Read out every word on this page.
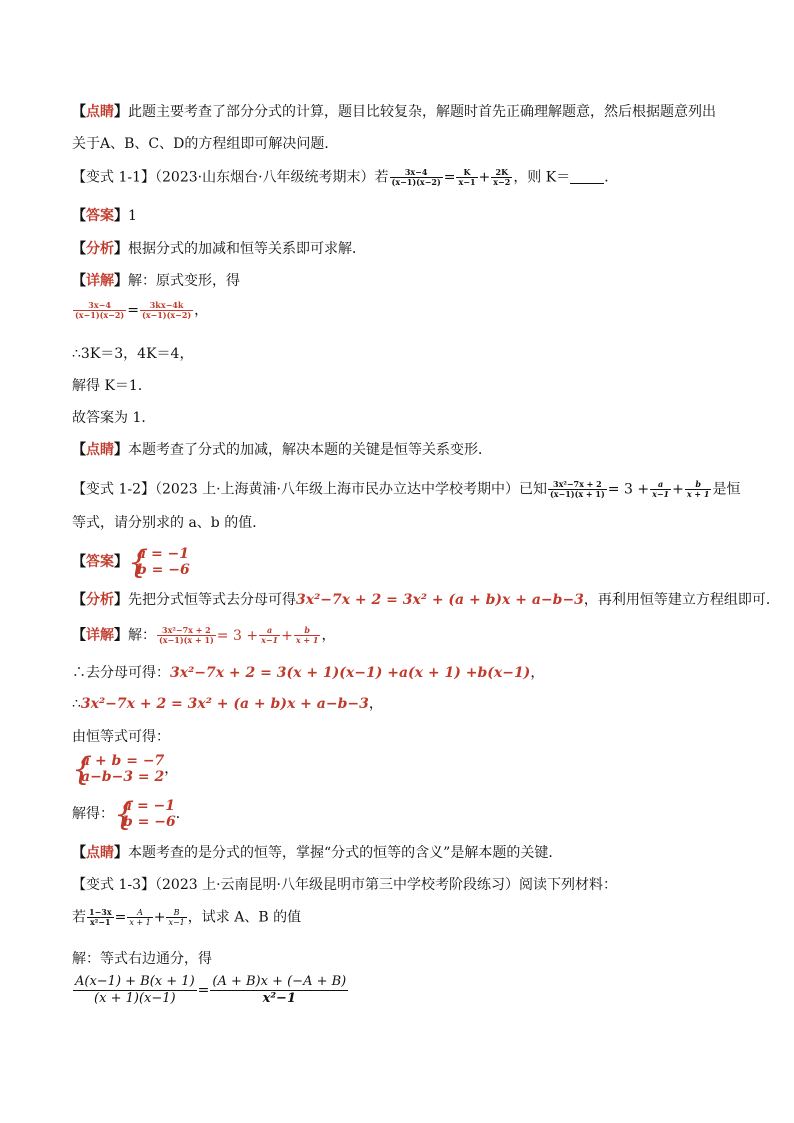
【点睛】此题主要考查了部分分式的计算，题目比较复杂，解题时首先正确理解题意，然后根据题意列出
关于A、B、C、D的方程组即可解决问题．
【变式 1-1】（2023·山东烟台·八年级统考期末）若 $\frac{3x-4}{(x-1)(x-2)} = \frac{K}{x-1} + \frac{2K}{x-2}$ ，则 K＝ ．
【答案】1
【分析】根据分式的加减和恒等关系即可求解．
【详解】解：原式变形，得
$\frac{3x-4}{(x-1)(x-2)} = \frac{3kx-4k}{(x-1)(x-2)}$ ，
∴3K＝3，4K＝4，
解得 K＝1．
故答案为 1．
【点睛】本题考查了分式的加减，解决本题的关键是恒等关系变形．
【变式 1-2】（2023 上·上海黄浦·八年级上海市民办立达中学校考期中）已知 $\frac{\text{3x²−7x + 2}}{(x-1)(x + 1)} = 3 + \frac{a}{x-1} + \frac{b}{x + 1}$ 是恒
等式，请分别求的 a、b 的值．
【答案】 {
a = −1
b = −6
【分析】先把分式恒等式去分母可得3x²−7x + 2 = 3x² + (a + b)x + a−b−3，再利用恒等建立方程组即可．
【详解】解： $\frac{\text{3x²−7x + 2}}{(x-1)(x + 1)} = 3 + \frac{a}{x-1} + \frac{b}{x + 1}$ ，
∴去分母可得：3x²−7x + 2 = 3(x + 1)(x−1) +a(x + 1) +b(x−1)，
∴3x²−7x + 2 = 3x² + (a + b)x + a−b−3，
由恒等式可得：
{
a + b = −7
a−b−3 = 2 ，
解得： {
a = −1
b = −6 ．
【点睛】本题考查的是分式的恒等，掌握“分式的恒等的含义”是解本题的关键．
【变式 1-3】（2023 上·云南昆明·八年级昆明市第三中学校考阶段练习）阅读下列材料：
若 $\frac{1-3x}{\text{x²−1}} = \frac{A}{x + 1} + \frac{B}{x-1}$ ，试求 A、B 的值
解：等式右边通分，得
$\frac{A(x-1) + B(x + 1)}{(x + 1)(x-1)} = \frac{(A + B)x + (-A + B)}{\text{x²−1}}$
